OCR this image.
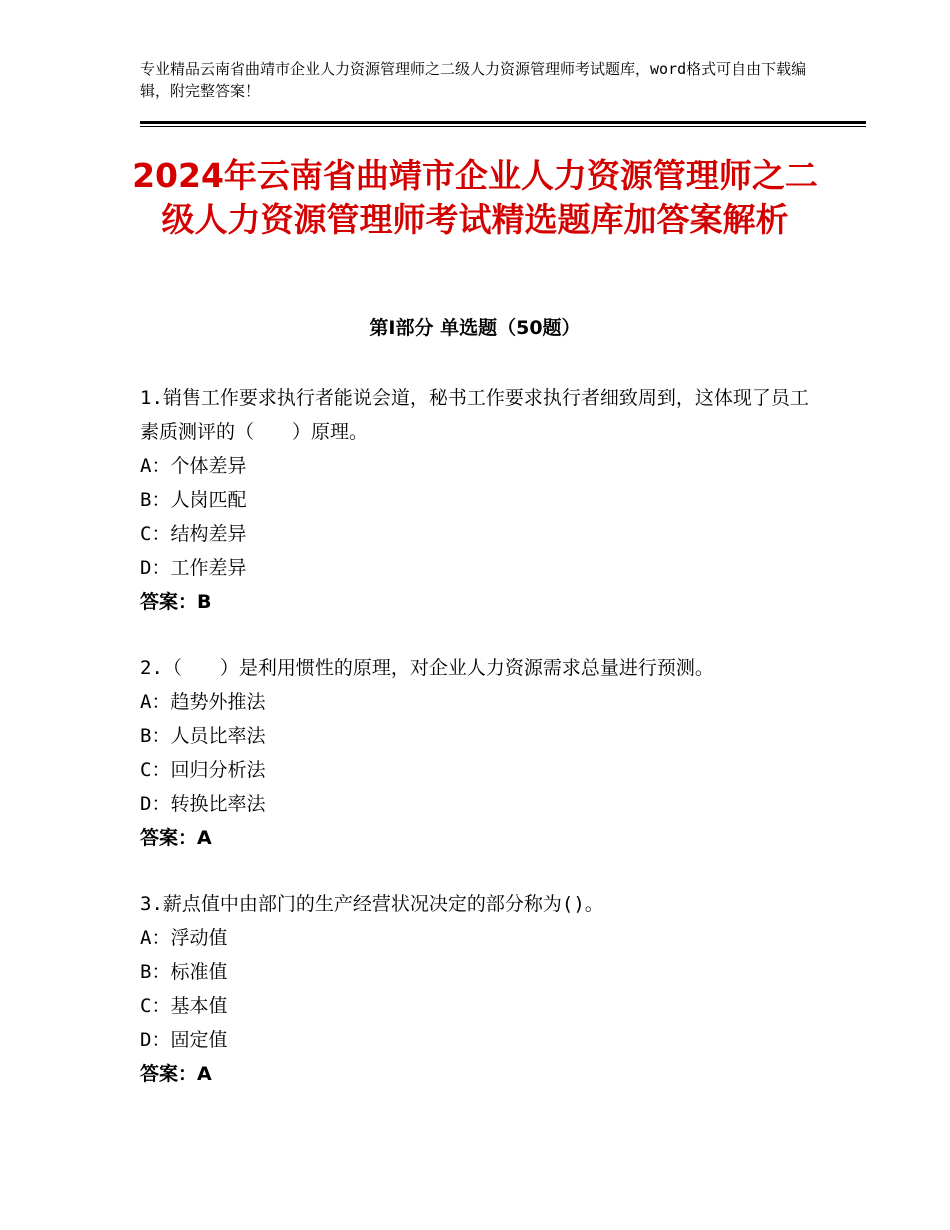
专业精品云南省曲靖市企业人力资源管理师之二级人力资源管理师考试题库，word格式可自由下载编辑，附完整答案！
2024年云南省曲靖市企业人力资源管理师之二级人力资源管理师考试精选题库加答案解析
第Ⅰ部分 单选题（50题）
1.销售工作要求执行者能说会道，秘书工作要求执行者细致周到，这体现了员工素质测评的（　　）原理。
A：个体差异
B：人岗匹配
C：结构差异
D：工作差异
答案：B
2.（　　）是利用惯性的原理，对企业人力资源需求总量进行预测。
A：趋势外推法
B：人员比率法
C：回归分析法
D：转换比率法
答案：A
3.薪点值中由部门的生产经营状况决定的部分称为()。
A：浮动值
B：标准值
C：基本值
D：固定值
答案：A
